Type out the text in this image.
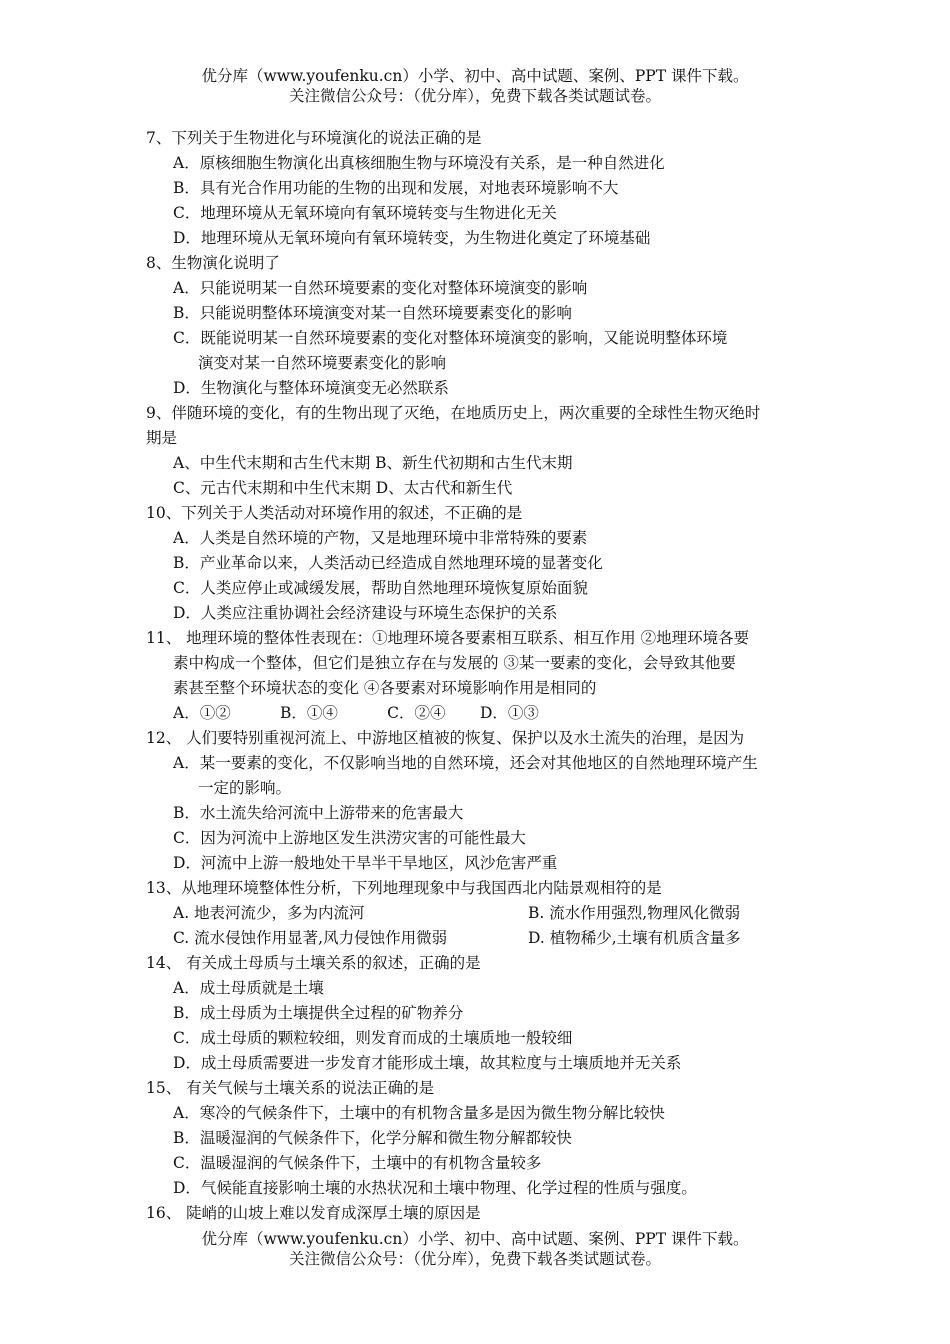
优分库（www.youfenku.cn）小学、初中、高中试题、案例、PPT 课件下载。
关注微信公众号：（优分库），免费下载各类试题试卷。
7、下列关于生物进化与环境演化的说法正确的是
A．原核细胞生物演化出真核细胞生物与环境没有关系，是一种自然进化
B．具有光合作用功能的生物的出现和发展，对地表环境影响不大
C．地理环境从无氧环境向有氧环境转变与生物进化无关
D．地理环境从无氧环境向有氧环境转变，为生物进化奠定了环境基础
8、生物演化说明了
A．只能说明某一自然环境要素的变化对整体环境演变的影响
B．只能说明整体环境演变对某一自然环境要素变化的影响
C．既能说明某一自然环境要素的变化对整体环境演变的影响，又能说明整体环境
演变对某一自然环境要素变化的影响
D．生物演化与整体环境演变无必然联系
9、伴随环境的变化，有的生物出现了灭绝，在地质历史上，两次重要的全球性生物灭绝时
期是
A、中生代末期和古生代末期 B、新生代初期和古生代末期
C、元古代末期和中生代末期 D、太古代和新生代
10、下列关于人类活动对环境作用的叙述，不正确的是
A．人类是自然环境的产物，又是地理环境中非常特殊的要素
B．产业革命以来，人类活动已经造成自然地理环境的显著变化
C．人类应停止或减缓发展，帮助自然地理环境恢复原始面貌
D．人类应注重协调社会经济建设与环境生态保护的关系
11、 地理环境的整体性表现在：①地理环境各要素相互联系、相互作用 ②地理环境各要
素中构成一个整体，但它们是独立存在与发展的 ③某一要素的变化，会导致其他要
素甚至整个环境状态的变化 ④各要素对环境影响作用是相同的
A．①②          B．①④          C．②④       D．①③
12、 人们要特别重视河流上、中游地区植被的恢复、保护以及水土流失的治理，是因为
A．某一要素的变化，不仅影响当地的自然环境，还会对其他地区的自然地理环境产生
一定的影响。
B．水土流失给河流中上游带来的危害最大
C．因为河流中上游地区发生洪涝灾害的可能性最大
D．河流中上游一般地处干旱半干旱地区，风沙危害严重
13、从地理环境整体性分析，下列地理现象中与我国西北内陆景观相符的是
A. 地表河流少，多为内流河	B. 流水作用强烈,物理风化微弱
C. 流水侵蚀作用显著,风力侵蚀作用微弱	D. 植物稀少,土壤有机质含量多
14、 有关成土母质与土壤关系的叙述，正确的是
A．成土母质就是土壤
B．成土母质为土壤提供全过程的矿物养分
C．成土母质的颗粒较细，则发育而成的土壤质地一般较细
D．成土母质需要进一步发育才能形成土壤，故其粒度与土壤质地并无关系
15、 有关气候与土壤关系的说法正确的是
A．寒冷的气候条件下，土壤中的有机物含量多是因为微生物分解比较快
B．温暖湿润的气候条件下，化学分解和微生物分解都较快
C．温暖湿润的气候条件下，土壤中的有机物含量较多
D．气候能直接影响土壤的水热状况和土壤中物理、化学过程的性质与强度。
16、 陡峭的山坡上难以发育成深厚土壤的原因是
优分库（www.youfenku.cn）小学、初中、高中试题、案例、PPT 课件下载。
关注微信公众号：（优分库），免费下载各类试题试卷。
